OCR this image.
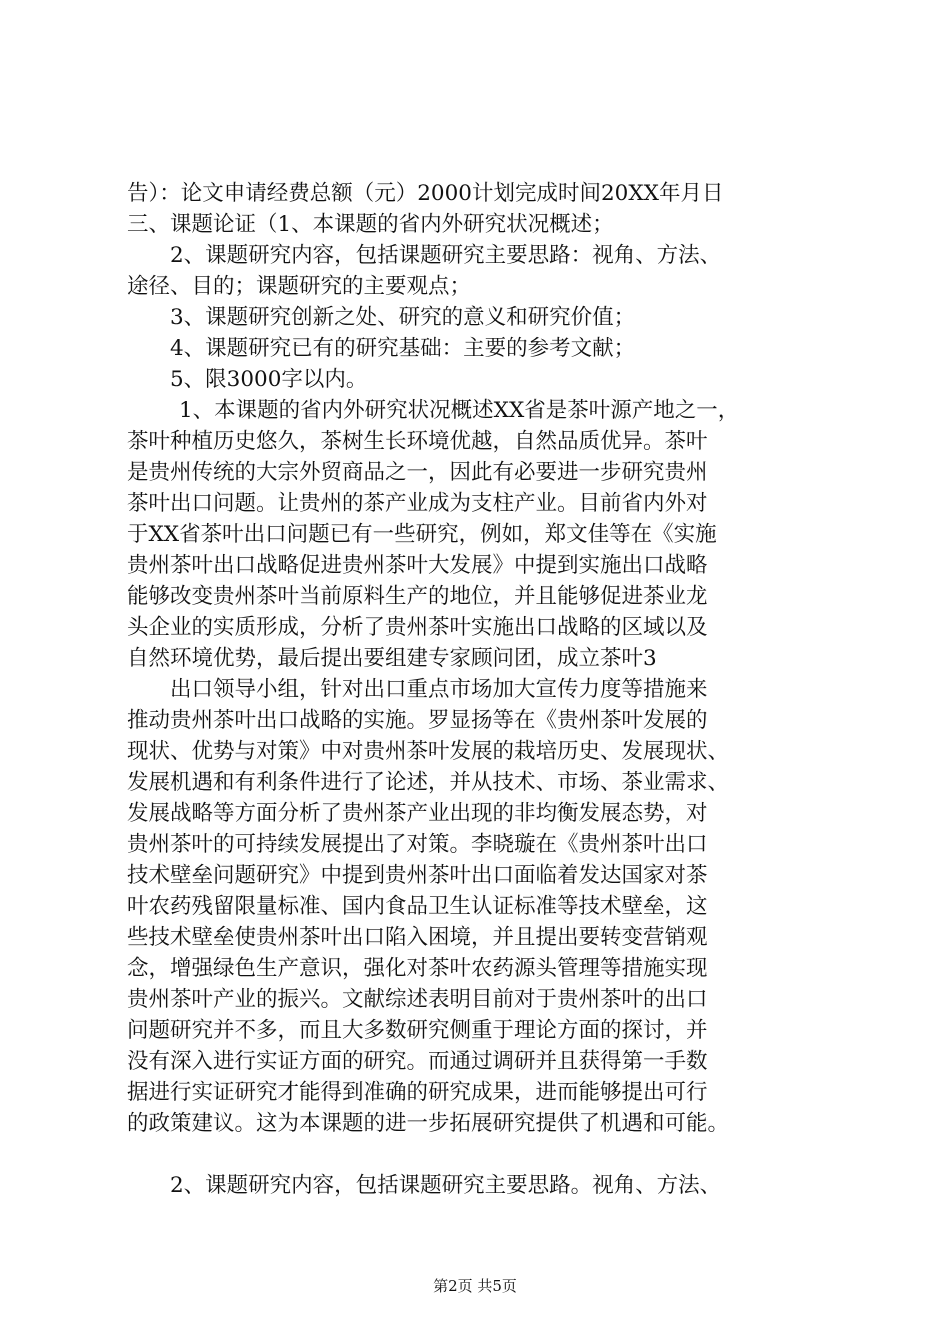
告）：论文申请经费总额（元）2000计划完成时间20XX年月日
三、课题论证（1、本课题的省内外研究状况概述；
2、课题研究内容，包括课题研究主要思路：视角、方法、
途径、目的；课题研究的主要观点；
3、课题研究创新之处、研究的意义和研究价值；
4、课题研究已有的研究基础：主要的参考文献；
5、限3000字以内。
1、本课题的省内外研究状况概述XX省是茶叶源产地之一，
茶叶种植历史悠久，茶树生长环境优越，自然品质优异。茶叶
是贵州传统的大宗外贸商品之一，因此有必要进一步研究贵州
茶叶出口问题。让贵州的茶产业成为支柱产业。目前省内外对
于XX省茶叶出口问题已有一些研究，例如，郑文佳等在《实施
贵州茶叶出口战略促进贵州茶叶大发展》中提到实施出口战略
能够改变贵州茶叶当前原料生产的地位，并且能够促进茶业龙
头企业的实质形成，分析了贵州茶叶实施出口战略的区域以及
自然环境优势，最后提出要组建专家顾问团，成立茶叶3
出口领导小组，针对出口重点市场加大宣传力度等措施来
推动贵州茶叶出口战略的实施。罗显扬等在《贵州茶叶发展的
现状、优势与对策》中对贵州茶叶发展的栽培历史、发展现状、
发展机遇和有利条件进行了论述，并从技术、市场、茶业需求、
发展战略等方面分析了贵州茶产业出现的非均衡发展态势，对
贵州茶叶的可持续发展提出了对策。李晓璇在《贵州茶叶出口
技术壁垒问题研究》中提到贵州茶叶出口面临着发达国家对茶
叶农药残留限量标准、国内食品卫生认证标准等技术壁垒，这
些技术壁垒使贵州茶叶出口陷入困境，并且提出要转变营销观
念，增强绿色生产意识，强化对茶叶农药源头管理等措施实现
贵州茶叶产业的振兴。文献综述表明目前对于贵州茶叶的出口
问题研究并不多，而且大多数研究侧重于理论方面的探讨，并
没有深入进行实证方面的研究。而通过调研并且获得第一手数
据进行实证研究才能得到准确的研究成果，进而能够提出可行
的政策建议。这为本课题的进一步拓展研究提供了机遇和可能。
2、课题研究内容，包括课题研究主要思路。视角、方法、
第2页 共5页
